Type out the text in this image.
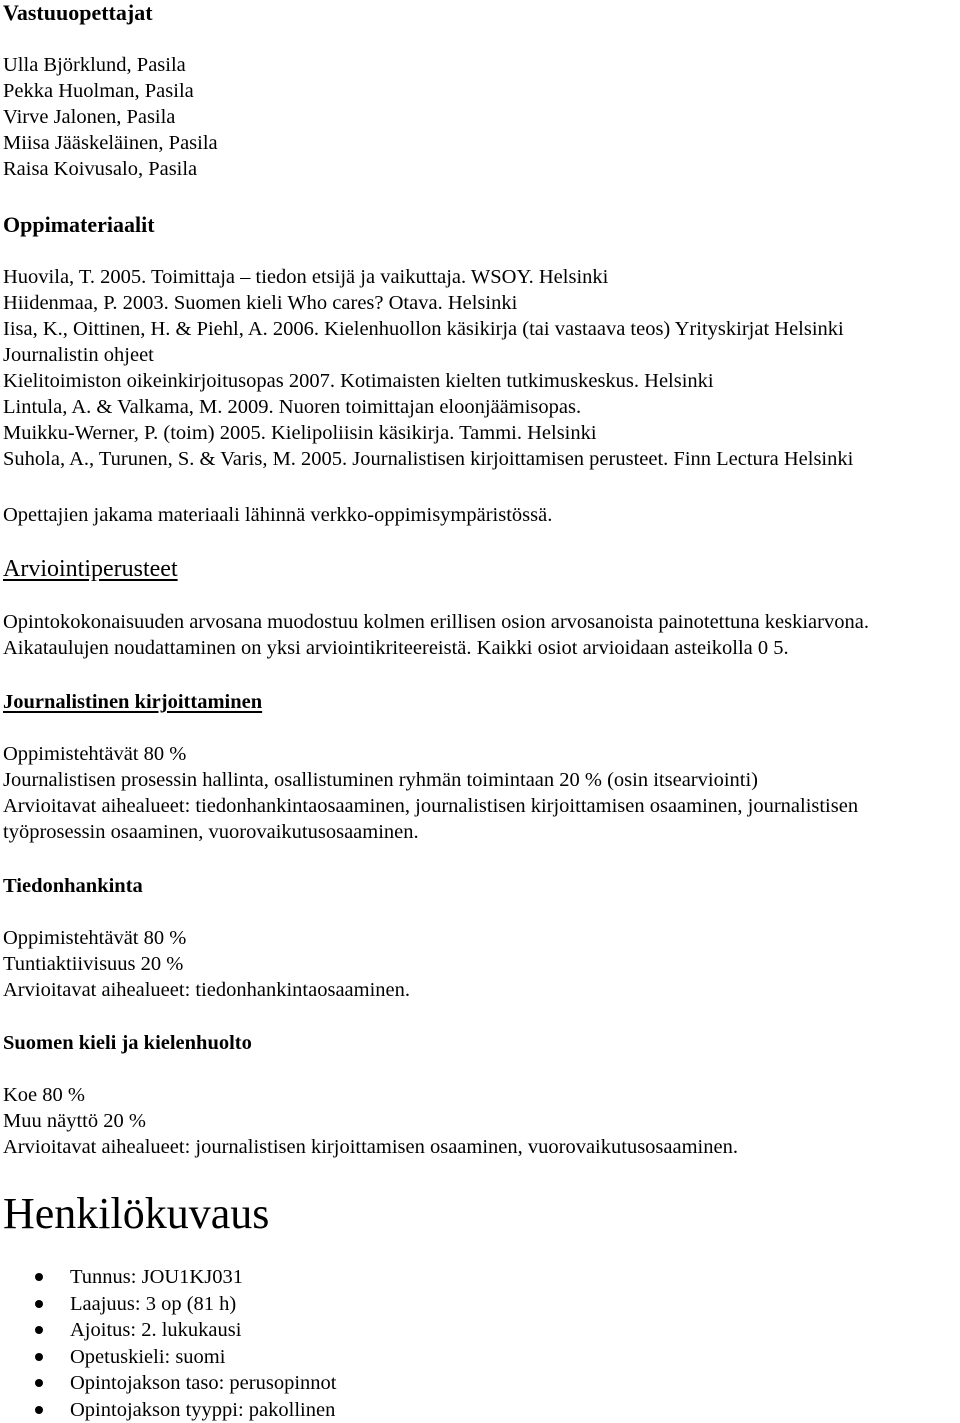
Vastuuopettajat
Ulla Björklund, Pasila
Pekka Huolman, Pasila
Virve Jalonen, Pasila
Miisa Jääskeläinen, Pasila
Raisa Koivusalo, Pasila
Oppimateriaalit
Huovila, T. 2005. Toimittaja – tiedon etsijä ja vaikuttaja. WSOY. Helsinki
Hiidenmaa, P. 2003. Suomen kieli Who cares? Otava. Helsinki
Iisa, K., Oittinen, H. & Piehl, A. 2006. Kielenhuollon käsikirja (tai vastaava teos) Yrityskirjat Helsinki
Journalistin ohjeet
Kielitoimiston oikeinkirjoitusopas 2007. Kotimaisten kielten tutkimuskeskus. Helsinki
Lintula, A. & Valkama, M. 2009. Nuoren toimittajan eloonjäämisopas.
Muikku-Werner, P. (toim) 2005. Kielipoliisin käsikirja. Tammi. Helsinki
Suhola, A., Turunen, S. & Varis, M. 2005. Journalistisen kirjoittamisen perusteet. Finn Lectura Helsinki
Opettajien jakama materiaali lähinnä verkko-oppimisympäristössä.
Arviointiperusteet
Opintokokonaisuuden arvosana muodostuu kolmen erillisen osion arvosanoista painotettuna keskiarvona.
Aikataulujen noudattaminen on yksi arviointikriteereistä. Kaikki osiot arvioidaan asteikolla 0 5.
Journalistinen kirjoittaminen
Oppimistehtävät 80 %
Journalistisen prosessin hallinta, osallistuminen ryhmän toimintaan 20 % (osin itsearviointi)
Arvioitavat aihealueet: tiedonhankintaosaaminen, journalistisen kirjoittamisen osaaminen, journalistisen
työprosessin osaaminen, vuorovaikutusosaaminen.
Tiedonhankinta
Oppimistehtävät 80 %
Tuntiaktiivisuus 20 %
Arvioitavat aihealueet: tiedonhankintaosaaminen.
Suomen kieli ja kielenhuolto
Koe 80 %
Muu näyttö 20 %
Arvioitavat aihealueet: journalistisen kirjoittamisen osaaminen, vuorovaikutusosaaminen.
Henkilökuvaus
Tunnus: JOU1KJ031
Laajuus: 3 op (81 h)
Ajoitus: 2. lukukausi
Opetuskieli: suomi
Opintojakson taso: perusopinnot
Opintojakson tyyppi: pakollinen
